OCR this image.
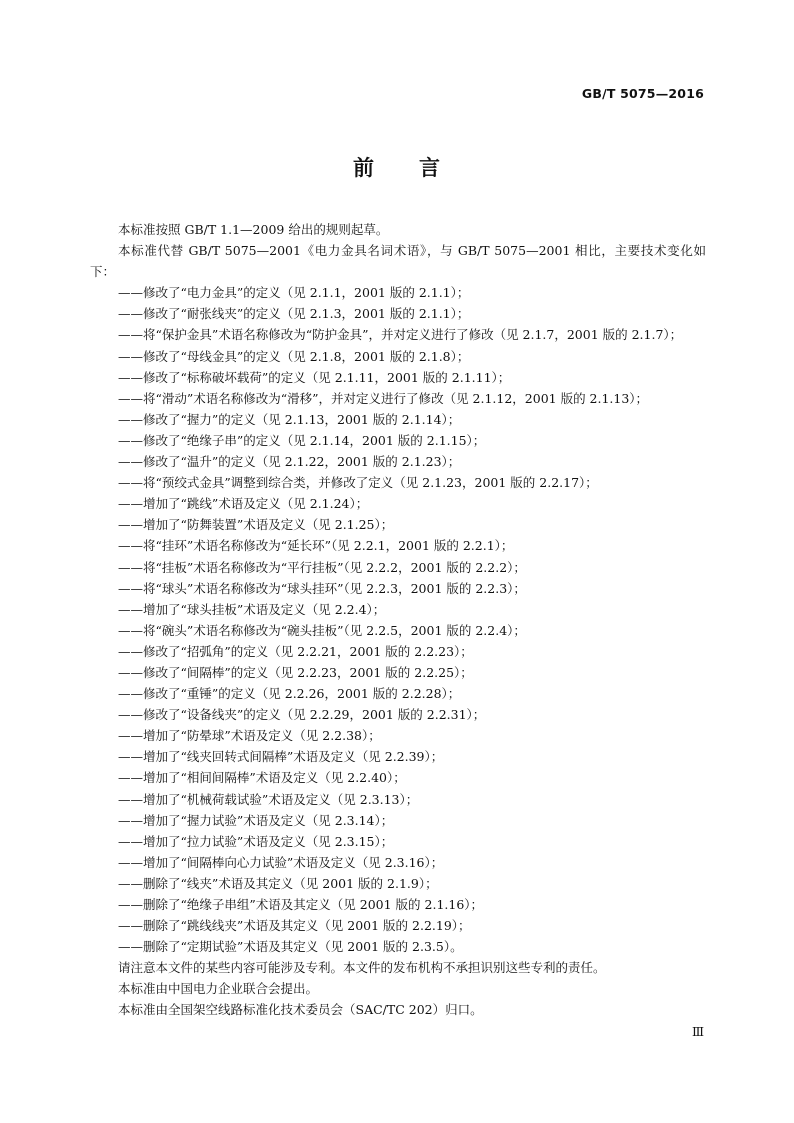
GB/T 5075—2016
前 言

本标准按照 GB/T 1.1—2009 给出的规则起草。

本标准代替 GB/T 5075—2001《电力金具名词术语》，与 GB/T 5075—2001 相比，主要技术变化如下：

——修改了“电力金具”的定义（见 2.1.1，2001 版的 2.1.1）；

——修改了“耐张线夹”的定义（见 2.1.3，2001 版的 2.1.1）；

——将“保护金具”术语名称修改为“防护金具”，并对定义进行了修改（见 2.1.7，2001 版的 2.1.7）；

——修改了“母线金具”的定义（见 2.1.8，2001 版的 2.1.8）；

——修改了“标称破坏载荷”的定义（见 2.1.11，2001 版的 2.1.11）；

——将“滑动”术语名称修改为“滑移”，并对定义进行了修改（见 2.1.12，2001 版的 2.1.13）；

——修改了“握力”的定义（见 2.1.13，2001 版的 2.1.14）；

——修改了“绝缘子串”的定义（见 2.1.14，2001 版的 2.1.15）；

——修改了“温升”的定义（见 2.1.22，2001 版的 2.1.23）；

——将“预绞式金具”调整到综合类，并修改了定义（见 2.1.23，2001 版的 2.2.17）；

——增加了“跳线”术语及定义（见 2.1.24）；

——增加了“防舞装置”术语及定义（见 2.1.25）；

——将“挂环”术语名称修改为“延长环”（见 2.2.1，2001 版的 2.2.1）；

——将“挂板”术语名称修改为“平行挂板”（见 2.2.2，2001 版的 2.2.2）；

——将“球头”术语名称修改为“球头挂环”（见 2.2.3，2001 版的 2.2.3）；

——增加了“球头挂板”术语及定义（见 2.2.4）；

——将“碗头”术语名称修改为“碗头挂板”（见 2.2.5，2001 版的 2.2.4）；

——修改了“招弧角”的定义（见 2.2.21，2001 版的 2.2.23）；

——修改了“间隔棒”的定义（见 2.2.23，2001 版的 2.2.25）；

——修改了“重锤”的定义（见 2.2.26，2001 版的 2.2.28）；

——修改了“设备线夹”的定义（见 2.2.29，2001 版的 2.2.31）；

——增加了“防晕球”术语及定义（见 2.2.38）；

——增加了“线夹回转式间隔棒”术语及定义（见 2.2.39）；

——增加了“相间间隔棒”术语及定义（见 2.2.40）；

——增加了“机械荷载试验”术语及定义（见 2.3.13）；

——增加了“握力试验”术语及定义（见 2.3.14）；

——增加了“拉力试验”术语及定义（见 2.3.15）；

——增加了“间隔棒向心力试验”术语及定义（见 2.3.16）；

——删除了“线夹”术语及其定义（见 2001 版的 2.1.9）；

——删除了“绝缘子串组”术语及其定义（见 2001 版的 2.1.16）；

——删除了“跳线线夹”术语及其定义（见 2001 版的 2.2.19）；

——删除了“定期试验”术语及其定义（见 2001 版的 2.3.5）。

请注意本文件的某些内容可能涉及专利。本文件的发布机构不承担识别这些专利的责任。

本标准由中国电力企业联合会提出。

本标准由全国架空线路标准化技术委员会（SAC/TC 202）归口。

Ⅲ
